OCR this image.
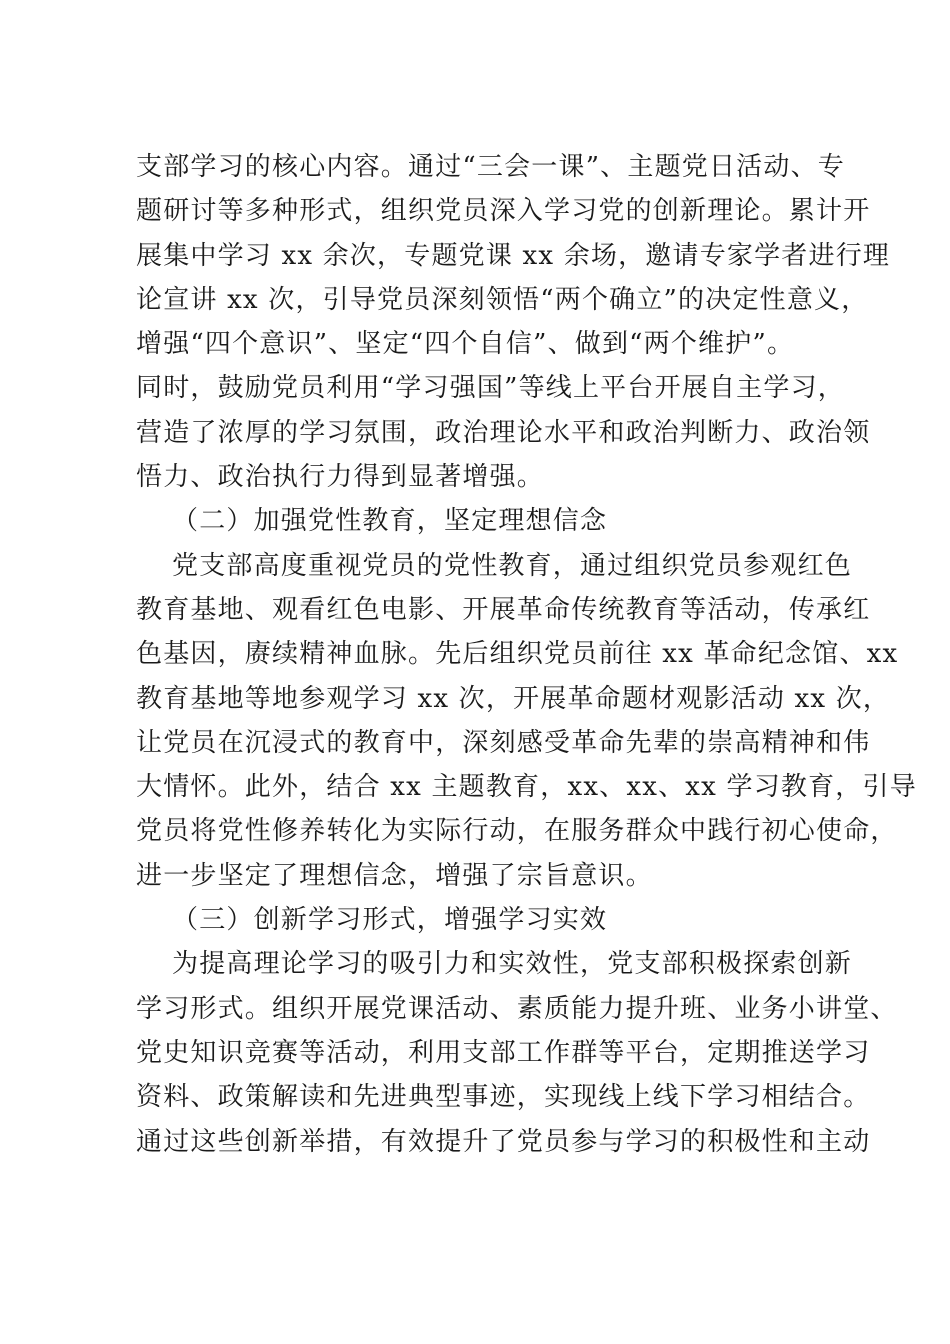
支部学习的核心内容。通过“三会一课”、主题党日活动、专
题研讨等多种形式，组织党员深入学习党的创新理论。累计开
展集中学习 xx 余次，专题党课 xx 余场，邀请专家学者进行理
论宣讲 xx 次，引导党员深刻领悟“两个确立”的决定性意义，
增强“四个意识”、坚定“四个自信”、做到“两个维护”。
同时，鼓励党员利用“学习强国”等线上平台开展自主学习，
营造了浓厚的学习氛围，政治理论水平和政治判断力、政治领
悟力、政治执行力得到显著增强。
（二）加强党性教育，坚定理想信念
党支部高度重视党员的党性教育，通过组织党员参观红色
教育基地、观看红色电影、开展革命传统教育等活动，传承红
色基因，赓续精神血脉。先后组织党员前往 xx 革命纪念馆、xx
教育基地等地参观学习 xx 次，开展革命题材观影活动 xx 次，
让党员在沉浸式的教育中，深刻感受革命先辈的崇高精神和伟
大情怀。此外，结合 xx 主题教育，xx、xx、xx 学习教育，引导
党员将党性修养转化为实际行动，在服务群众中践行初心使命，
进一步坚定了理想信念，增强了宗旨意识。
（三）创新学习形式，增强学习实效
为提高理论学习的吸引力和实效性，党支部积极探索创新
学习形式。组织开展党课活动、素质能力提升班、业务小讲堂、
党史知识竞赛等活动，利用支部工作群等平台，定期推送学习
资料、政策解读和先进典型事迹，实现线上线下学习相结合。
通过这些创新举措，有效提升了党员参与学习的积极性和主动
